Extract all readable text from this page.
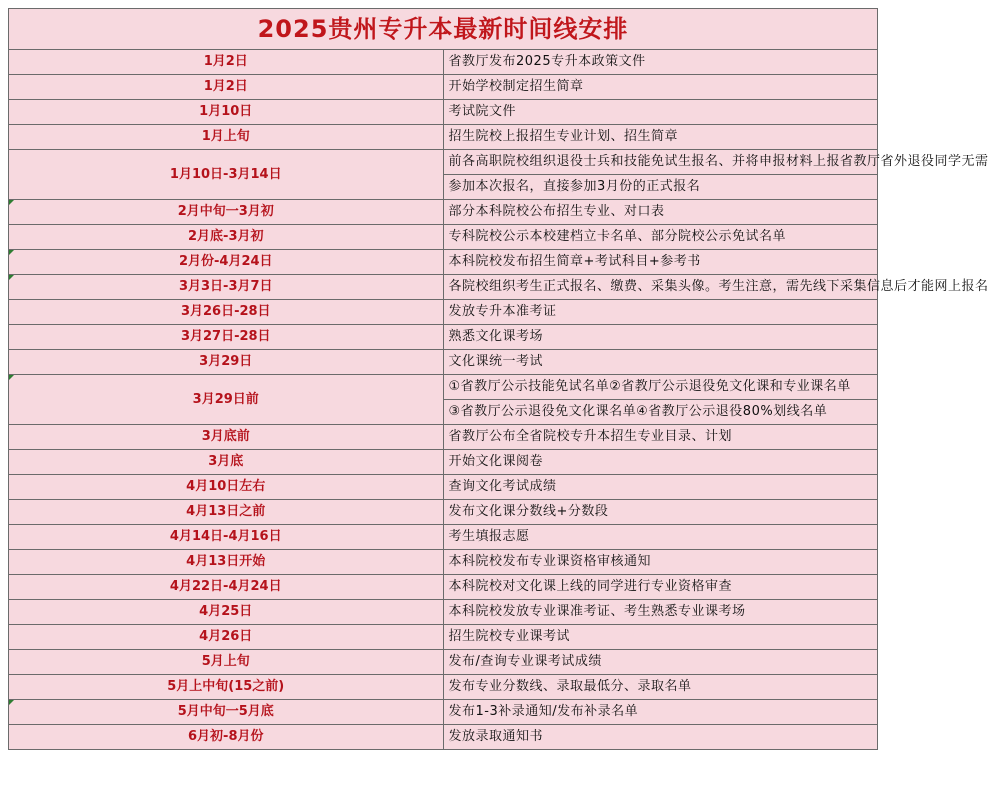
2025贵州专升本最新时间线安排	
1月2日	省教厅发布2025专升本政策文件
1月2日	开始学校制定招生简章
1月10日	考试院文件
1月上旬	招生院校上报招生专业计划、招生简章
1月10日-3月14日	前各高职院校组织退役士兵和技能免试生报名、并将申报材料上报省教厅省外退役同学无需
	参加本次报名，直接参加3月份的正式报名
2月中旬一3月初	部分本科院校公布招生专业、对口表
2月底-3月初	专科院校公示本校建档立卡名单、部分院校公示免试名单
2月份-4月24日	本科院校发布招生简章+考试科目+参考书
3月3日-3月7日	各院校组织考生正式报名、缴费、采集头像。考生注意，需先线下采集信息后才能网上报名
3月26日-28日	发放专升本准考证
3月27日-28日	熟悉文化课考场
3月29日	文化课统一考试
3月29日前	①省教厅公示技能免试名单②省教厅公示退役免文化课和专业课名单
	③省教厅公示退役免文化课名单④省教厅公示退役80%划线名单
3月底前	省教厅公布全省院校专升本招生专业目录、计划
3月底	开始文化课阅卷
4月10日左右	查询文化考试成绩
4月13日之前	发布文化课分数线+分数段
4月14日-4月16日	考生填报志愿
4月13日开始	本科院校发布专业课资格审核通知
4月22日-4月24日	本科院校对文化课上线的同学进行专业资格审查
4月25日	本科院校发放专业课准考证、考生熟悉专业课考场
4月26日	招生院校专业课考试
5月上旬	发布/查询专业课考试成绩
5月上中旬(15之前)	发布专业分数线、录取最低分、录取名单
5月中旬一5月底	发布1-3补录通知/发布补录名单
6月初-8月份	发放录取通知书
